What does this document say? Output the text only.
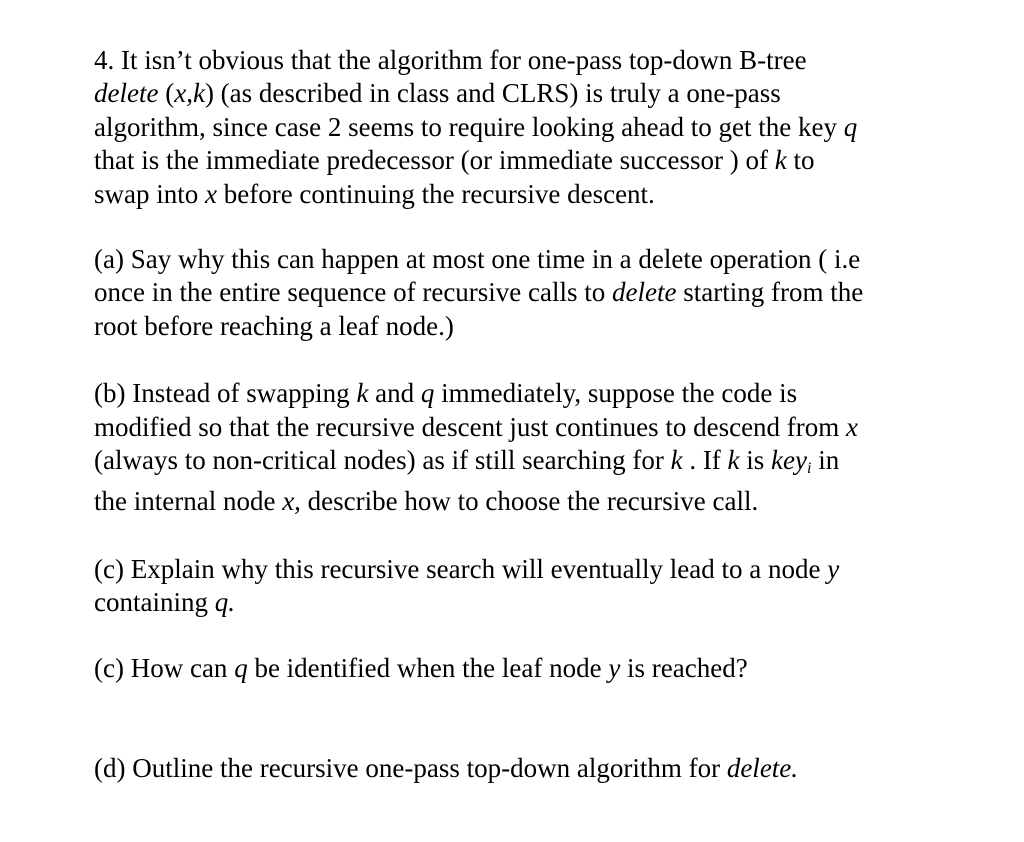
4. It isn’t obvious that the algorithm for one-pass top-down B-tree
delete (x,k) (as described in class and CLRS) is truly a one-pass
algorithm, since case 2 seems to require looking ahead to get the key q
that is the immediate predecessor (or immediate successor ) of k to
swap into x before continuing the recursive descent.

(a) Say why this can happen at most one time in a delete operation ( i.e
once in the entire sequence of recursive calls to delete starting from the
root before reaching a leaf node.)

(b) Instead of swapping k and q immediately, suppose the code is
modified so that the recursive descent just continues to descend from x
(always to non-critical nodes) as if still searching for k . If k is key$_i$ in
the internal node x, describe how to choose the recursive call.

(c) Explain why this recursive search will eventually lead to a node y
containing q.

(c) How can q be identified when the leaf node y is reached?

(d) Outline the recursive one-pass top-down algorithm for delete.
